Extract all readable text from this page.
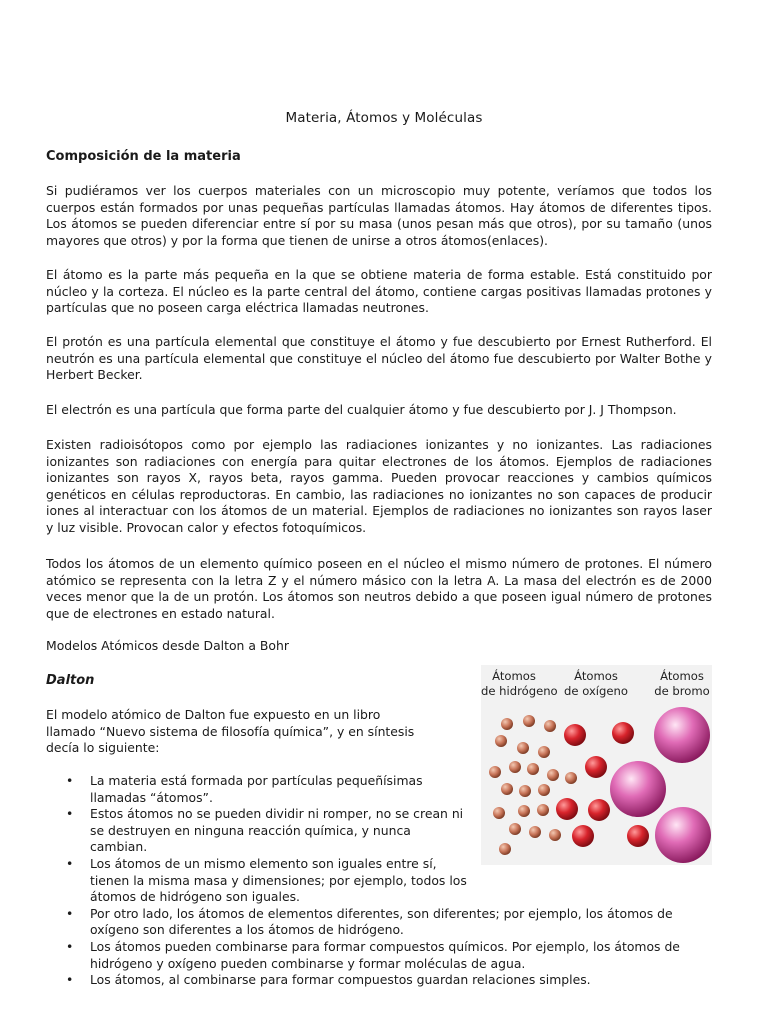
Materia, Átomos y Moléculas
Composición de la materia
Si pudiéramos ver los cuerpos materiales con un microscopio muy potente, veríamos que todos los cuerpos están formados por unas pequeñas partículas llamadas átomos. Hay átomos de diferentes tipos. Los átomos se pueden diferenciar entre sí por su masa (unos pesan más que otros), por su tamaño (unos mayores que otros) y por la forma que tienen de unirse a otros átomos(enlaces).
El átomo es la parte más pequeña en la que se obtiene materia de forma estable. Está constituido por núcleo y la corteza. El núcleo es la parte central del átomo, contiene cargas positivas llamadas protones y partículas que no poseen carga eléctrica llamadas neutrones.
El protón es una partícula elemental que constituye el átomo y fue descubierto por Ernest Rutherford. El neutrón es una partícula elemental que constituye el núcleo del átomo fue descubierto por Walter Bothe y Herbert Becker.
El electrón es una partícula que forma parte del cualquier átomo y fue descubierto por J. J Thompson.
Existen radioisótopos como por ejemplo las radiaciones ionizantes y no ionizantes. Las radiaciones ionizantes son radiaciones con energía para quitar electrones de los átomos. Ejemplos de radiaciones ionizantes son rayos X, rayos beta, rayos gamma. Pueden provocar reacciones y cambios químicos genéticos en células reproductoras. En cambio, las radiaciones no ionizantes no son capaces de producir iones al interactuar con los átomos de un material. Ejemplos de radiaciones no ionizantes son rayos laser y luz visible. Provocan calor y efectos fotoquímicos.
Todos los átomos de un elemento químico poseen en el núcleo el mismo número de protones. El número atómico se representa con la letra Z y el número másico con la letra A. La masa del electrón es de 2000 veces menor que la de un protón. Los átomos son neutros debido a que poseen igual número de protones que de electrones en estado natural.
Modelos Atómicos desde Dalton a Bohr
Dalton
El modelo atómico de Dalton fue expuesto en un libro llamado “Nuevo sistema de filosofía química”, y en síntesis decía lo siguiente:
• La materia está formada por partículas pequeñísimas llamadas “átomos”.
• Estos átomos no se pueden dividir ni romper, no se crean ni se destruyen en ninguna reacción química, y nunca cambian.
• Los átomos de un mismo elemento son iguales entre sí, tienen la misma masa y dimensiones; por ejemplo, todos los átomos de hidrógeno son iguales.
• Por otro lado, los átomos de elementos diferentes, son diferentes; por ejemplo, los átomos de oxígeno son diferentes a los átomos de hidrógeno.
• Los átomos pueden combinarse para formar compuestos químicos. Por ejemplo, los átomos de hidrógeno y oxígeno pueden combinarse y formar moléculas de agua.
• Los átomos, al combinarse para formar compuestos guardan relaciones simples.
Átomos
de hidrógeno
Átomos
de oxígeno
Átomos
de bromo
